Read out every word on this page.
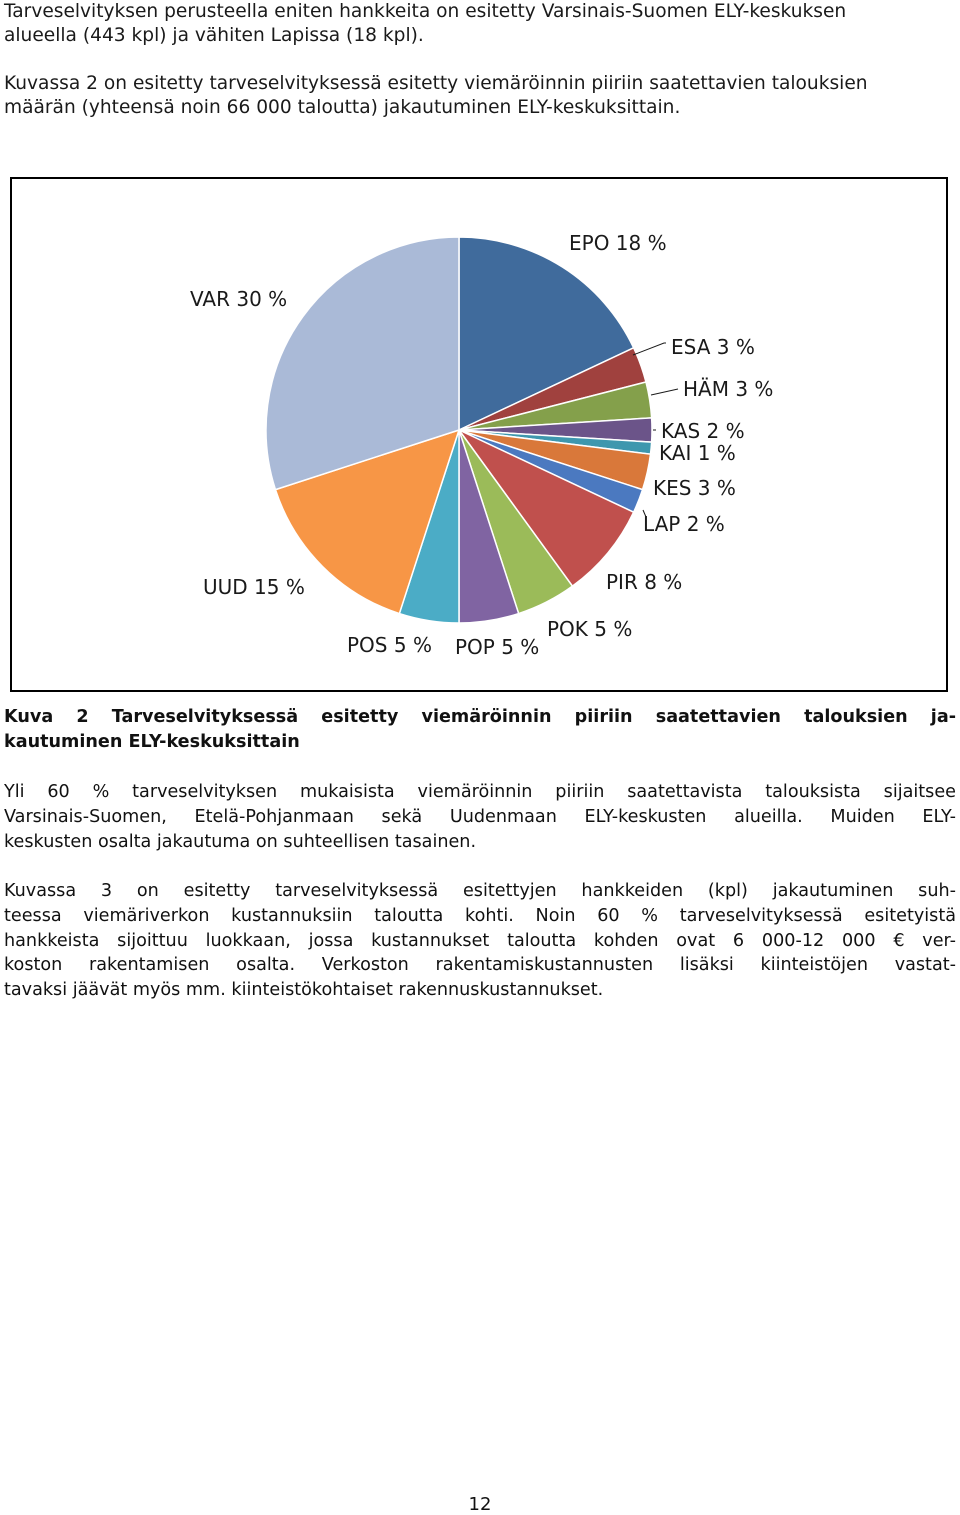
Tarveselvityksen perusteella eniten hankkeita on esitetty Varsinais-Suomen ELY-keskuksen
alueella (443 kpl) ja vähiten Lapissa (18 kpl).
Kuvassa 2 on esitetty tarveselvityksessä esitetty viemäröinnin piiriin saatettavien talouksien
määrän (yhteensä noin 66 000 taloutta) jakautuminen ELY-keskuksittain.
EPO 18 %
ESA 3 %
HÄM 3 %
KAS 2 %
KAI 1 %
KES 3 %
LAP 2 %
PIR 8 %
POK 5 %
POP 5 %
POS 5 %
UUD 15 %
VAR 30 %
Kuva 2 Tarveselvityksessä esitetty viemäröinnin piiriin saatettavien talouksien ja-
kautuminen ELY-keskuksittain
Yli 60 % tarveselvityksen mukaisista viemäröinnin piiriin saatettavista talouksista sijaitsee
Varsinais-Suomen, Etelä-Pohjanmaan sekä Uudenmaan ELY-keskusten alueilla. Muiden ELY-
keskusten osalta jakautuma on suhteellisen tasainen.
Kuvassa 3 on esitetty tarveselvityksessä esitettyjen hankkeiden (kpl) jakautuminen suh-
teessa viemäriverkon kustannuksiin taloutta kohti. Noin 60 % tarveselvityksessä esitetyistä
hankkeista sijoittuu luokkaan, jossa kustannukset taloutta kohden ovat 6 000-12 000 € ver-
koston rakentamisen osalta. Verkoston rakentamiskustannusten lisäksi kiinteistöjen vastat-
tavaksi jäävät myös mm. kiinteistökohtaiset rakennuskustannukset.
12
